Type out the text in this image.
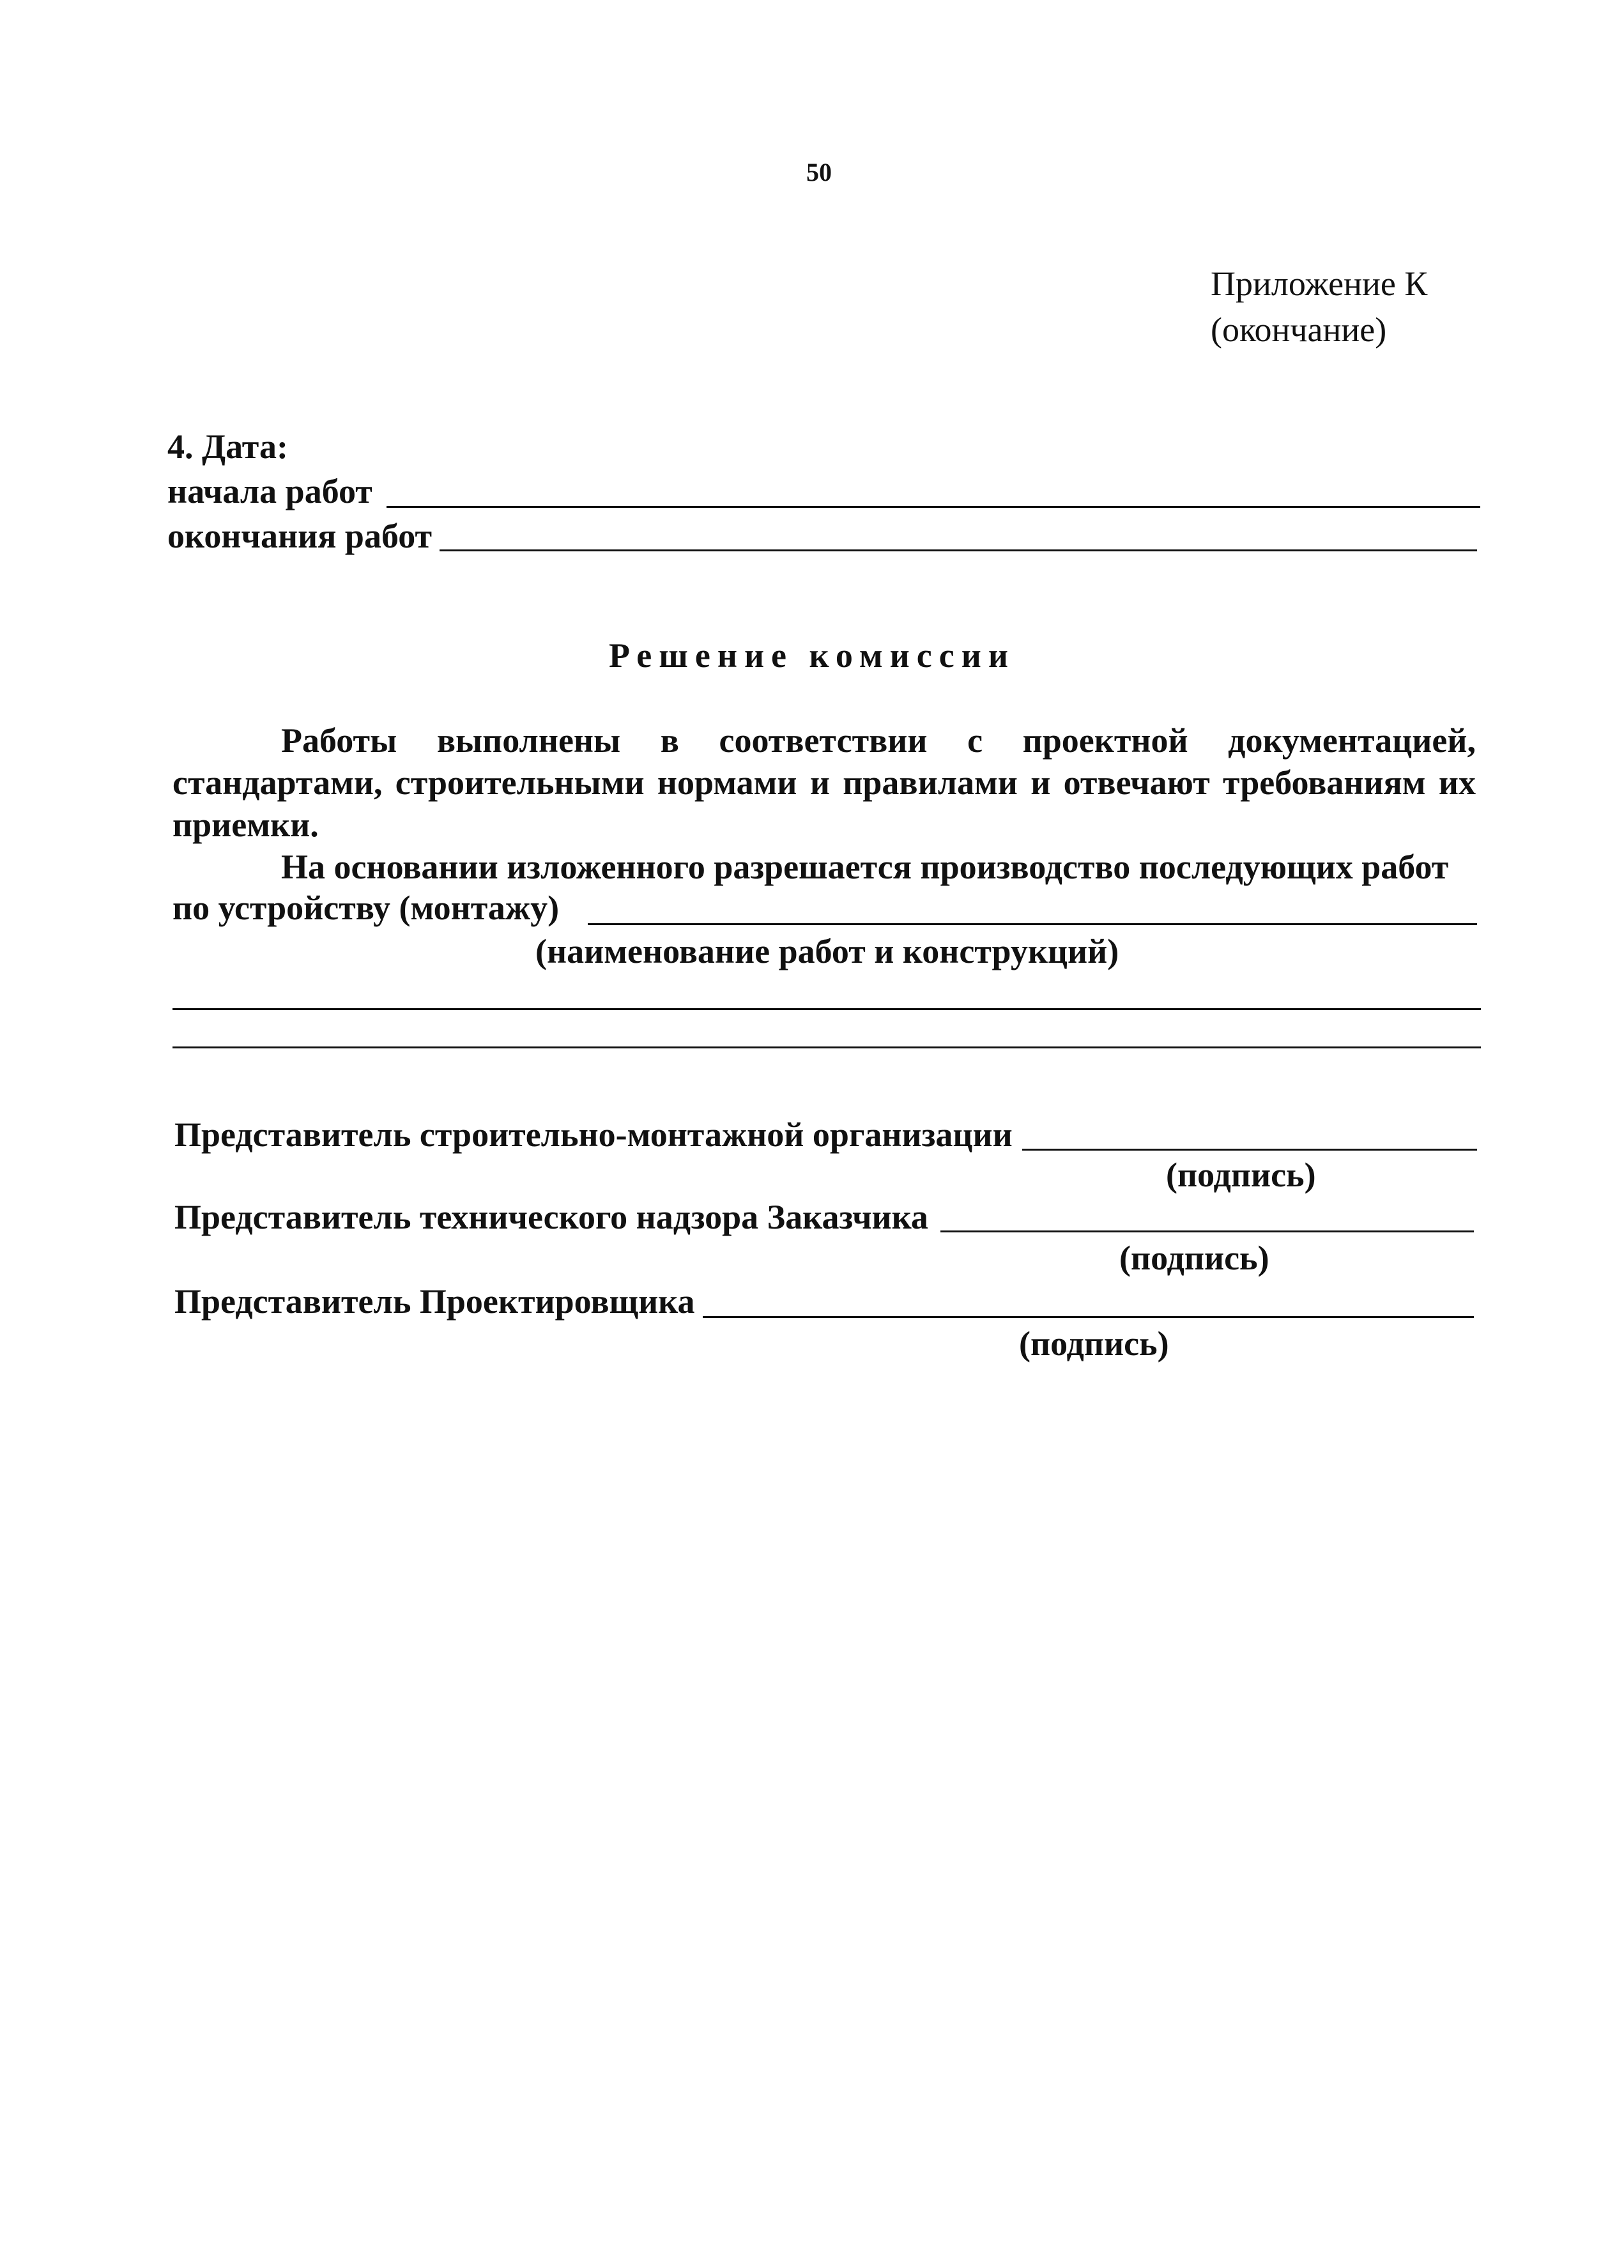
50
Приложение К
(окончание)
4. Дата:
начала работ
окончания работ
Решение комиссии
Работы выполнены в соответствии с проектной документацией, стандартами, строительными нормами и правилами и отвечают требованиям их приемки.
На основании изложенного разрешается производство последующих работ
по устройству (монтажу)
(наименование работ и конструкций)
Представитель строительно-монтажной организации
(подпись)
Представитель технического надзора Заказчика
(подпись)
Представитель Проектировщика
(подпись)
